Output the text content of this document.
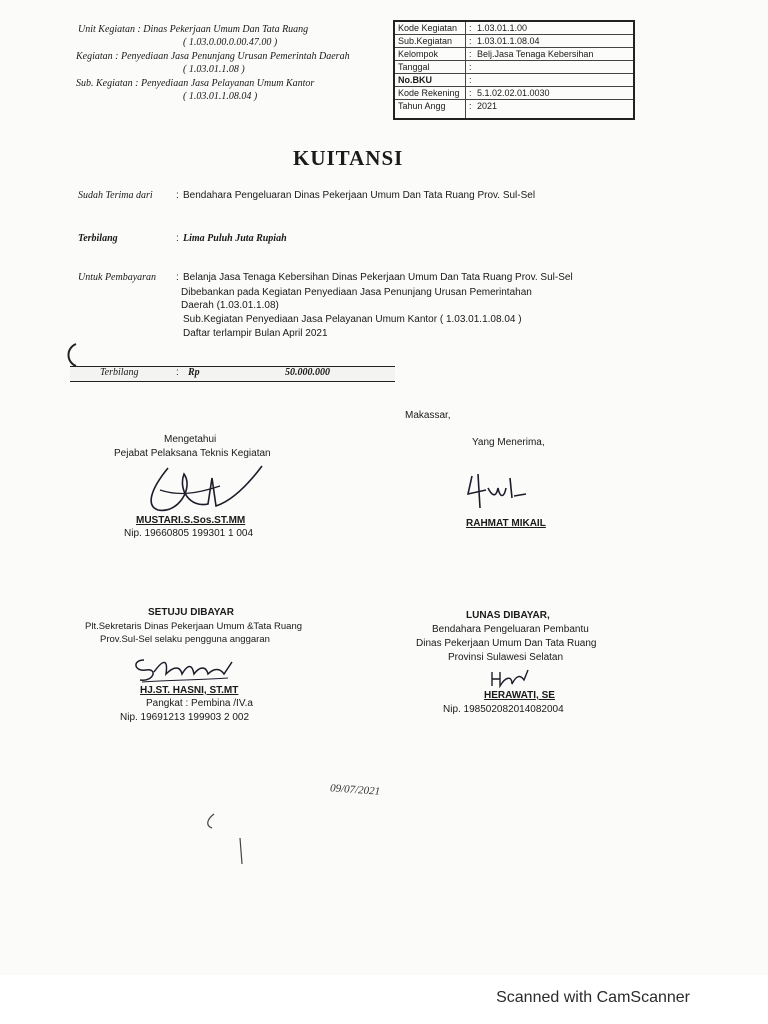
Unit Kegiatan : Dinas Pekerjaan Umum Dan Tata Ruang
( 1.03.0.00.0.00.47.00 )
Kegiatan : Penyediaan Jasa Penunjang Urusan Pemerintah Daerah
( 1.03.01.1.08 )
Sub. Kegiatan : Penyediaan Jasa Pelayanan Umum Kantor
( 1.03.01.1.08.04 )
Kode Kegiatan : 1.03.01.1.00
Sub.Kegiatan : 1.03.01.1.08.04
Kelompok	: Belj.Jasa Tenaga Kebersihan
Tanggal	:
No.BKU	:
Kode Rekening : 5.1.02.02.01.0030
Tahun Angg	: 2021
KUITANSI
Sudah Terima dari : Bendahara Pengeluaran Dinas Pekerjaan Umum Dan Tata Ruang Prov. Sul-Sel
Terbilang	: Lima Puluh Juta Rupiah
Untuk Pembayaran : Belanja Jasa Tenaga Kebersihan Dinas Pekerjaan Umum Dan Tata Ruang Prov. Sul-Sel
Dibebankan pada Kegiatan Penyediaan Jasa Penunjang Urusan Pemerintahan
Daerah (1.03.01.1.08)
Sub.Kegiatan Penyediaan Jasa Pelayanan Umum Kantor ( 1.03.01.1.08.04 )
Daftar terlampir Bulan April 2021
Terbilang	: Rp	50.000.000
Makassar,
Mengetahui
Pejabat Pelaksana Teknis Kegiatan
MUSTARI.S.Sos.ST.MM
Nip. 19660805 199301 1 004
Yang Menerima,
RAHMAT MIKAIL
SETUJU DIBAYAR
Plt.Sekretaris Dinas Pekerjaan Umum &Tata Ruang
Prov.Sul-Sel selaku pengguna anggaran
HJ.ST. HASNI, ST.MT
Pangkat : Pembina /IV.a
Nip. 19691213 199903 2 002
LUNAS DIBAYAR,
Bendahara Pengeluaran Pembantu
Dinas Pekerjaan Umum Dan Tata Ruang
Provinsi Sulawesi Selatan
HERAWATI, SE
Nip. 198502082014082004
09/07/2021
Scanned with CamScanner
